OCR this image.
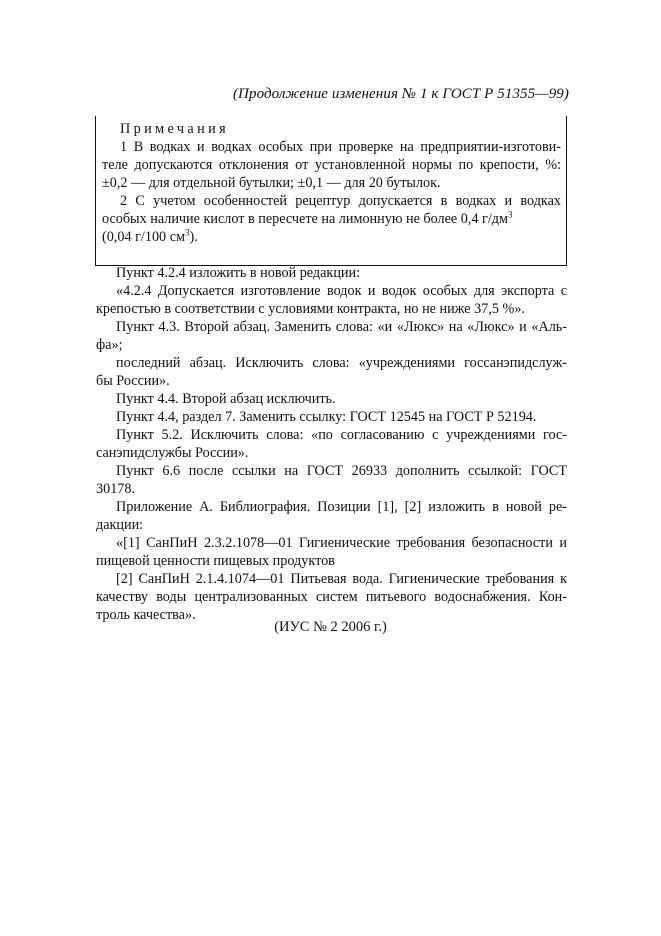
(Продолжение изменения № 1 к ГОСТ Р 51355—99)
Примечания
1 В водках и водках особых при проверке на предприятии-изготови-
теле допускаются отклонения от установленной нормы по крепости, %:
±0,2 — для отдельной бутылки; ±0,1 — для 20 бутылок.
2 С учетом особенностей рецептур допускается в водках и водках
особых наличие кислот в пересчете на лимонную не более 0,4 $г/дм^3$
(0,04 г/100 $см^3$).
Пункт 4.2.4 изложить в новой редакции:
«4.2.4 Допускается изготовление водок и водок особых для экспорта с
крепостью в соответствии с условиями контракта, но не ниже 37,5 %».
Пункт 4.3. Второй абзац. Заменить слова: «и «Люкс» на «Люкс» и «Аль-
фа»;
последний абзац. Исключить слова: «учреждениями госсанэпидслуж-
бы России».
Пункт 4.4. Второй абзац исключить.
Пункт 4.4, раздел 7. Заменить ссылку: ГОСТ 12545 на ГОСТ Р 52194.
Пункт 5.2. Исключить слова: «по согласованию с учреждениями гос-
санэпидслужбы России».
Пункт 6.6 после ссылки на ГОСТ 26933 дополнить ссылкой: ГОСТ
30178.
Приложение А. Библиография. Позиции [1], [2] изложить в новой ре-
дакции:
«[1] СанПиН 2.3.2.1078—01 Гигиенические требования безопасности и
пищевой ценности пищевых продуктов
[2] СанПиН 2.1.4.1074—01 Питьевая вода. Гигиенические требования к
качеству воды централизованных систем питьевого водоснабжения. Кон-
троль качества».
(ИУС № 2 2006 г.)
